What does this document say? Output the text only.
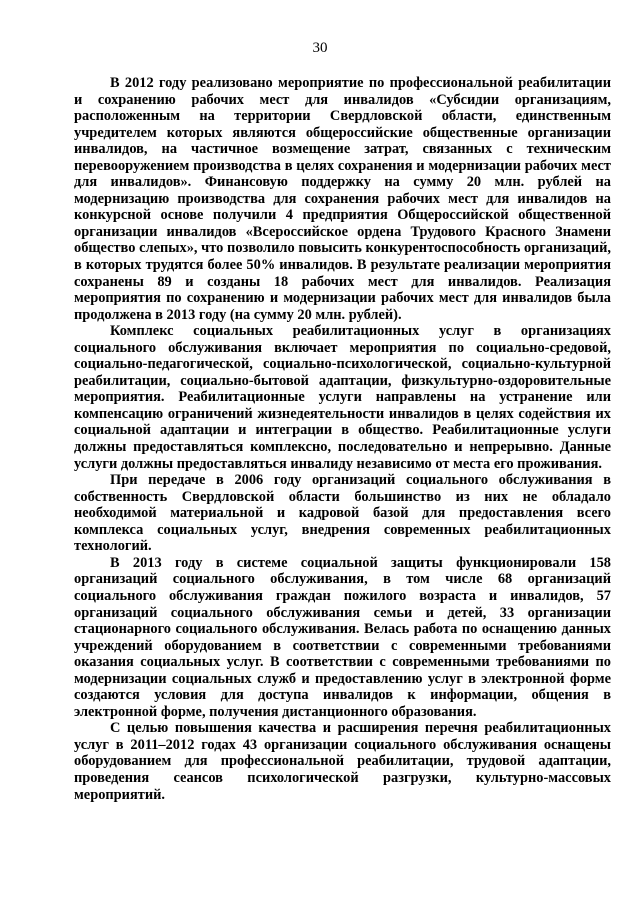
30

В 2012 году реализовано мероприятие по профессиональной реабилитации и сохранению рабочих мест для инвалидов «Субсидии организациям, расположенным на территории Свердловской области, единственным учредителем которых являются общероссийские общественные организации инвалидов, на частичное возмещение затрат, связанных с техническим перевооружением производства в целях сохранения и модернизации рабочих мест для инвалидов». Финансовую поддержку на сумму 20 млн. рублей на модернизацию производства для сохранения рабочих мест для инвалидов на конкурсной основе получили 4 предприятия Общероссийской общественной организации инвалидов «Всероссийское ордена Трудового Красного Знамени общество слепых», что позволило повысить конкурентоспособность организаций, в которых трудятся более 50% инвалидов. В результате реализации мероприятия сохранены 89 и созданы 18 рабочих мест для инвалидов. Реализация мероприятия по сохранению и модернизации рабочих мест для инвалидов была продолжена в 2013 году (на сумму 20 млн. рублей).

Комплекс социальных реабилитационных услуг в организациях социального обслуживания включает мероприятия по социально-средовой, социально-педагогической, социально-психологической, социально-культурной реабилитации, социально-бытовой адаптации, физкультурно-оздоровительные мероприятия. Реабилитационные услуги направлены на устранение или компенсацию ограничений жизнедеятельности инвалидов в целях содействия их социальной адаптации и интеграции в общество. Реабилитационные услуги должны предоставляться комплексно, последовательно и непрерывно. Данные услуги должны предоставляться инвалиду независимо от места его проживания.

При передаче в 2006 году организаций социального обслуживания в собственность Свердловской области большинство из них не обладало необходимой материальной и кадровой базой для предоставления всего комплекса социальных услуг, внедрения современных реабилитационных технологий.

В 2013 году в системе социальной защиты функционировали 158 организаций социального обслуживания, в том числе 68 организаций социального обслуживания граждан пожилого возраста и инвалидов, 57 организаций социального обслуживания семьи и детей, 33 организации стационарного социального обслуживания. Велась работа по оснащению данных учреждений оборудованием в соответствии с современными требованиями оказания социальных услуг. В соответствии с современными требованиями по модернизации социальных служб и предоставлению услуг в электронной форме создаются условия для доступа инвалидов к информации, общения в электронной форме, получения дистанционного образования.

С целью повышения качества и расширения перечня реабилитационных услуг в 2011–2012 годах 43 организации социального обслуживания оснащены оборудованием для профессиональной реабилитации, трудовой адаптации, проведения сеансов психологической разгрузки, культурно-массовых мероприятий.
